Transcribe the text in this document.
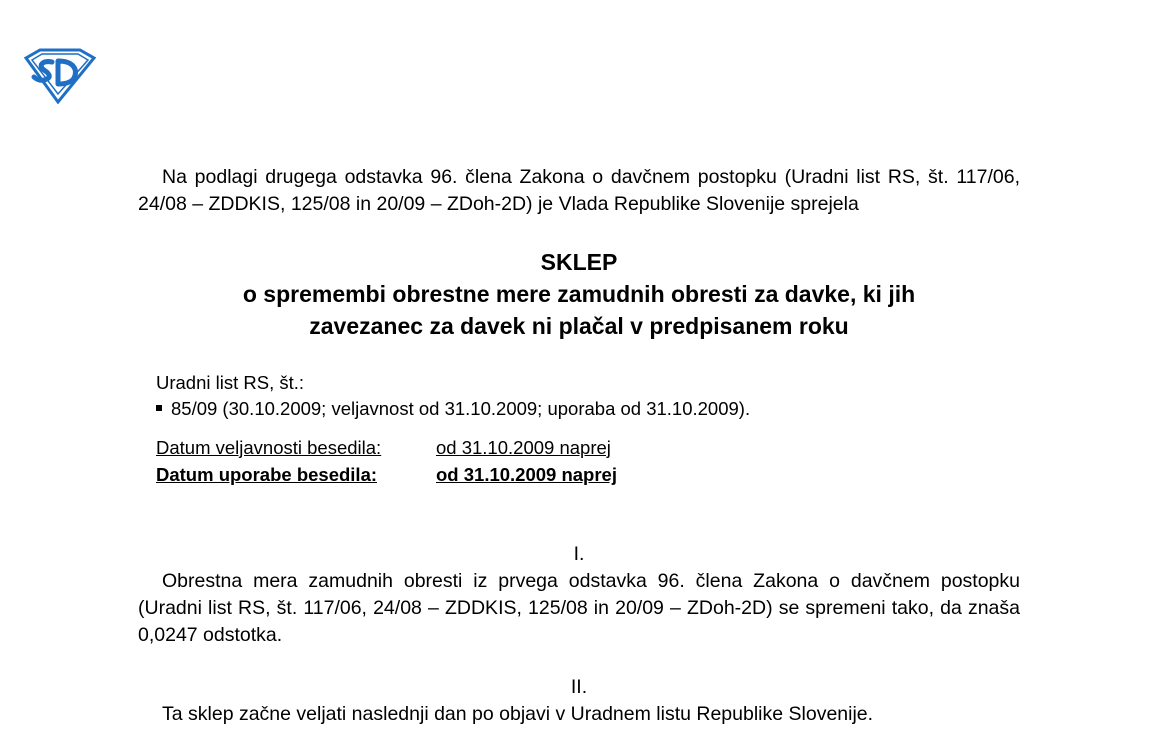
Na podlagi drugega odstavka 96. člena Zakona o davčnem postopku (Uradni list RS, št. 117/06, 24/08 – ZDDKIS, 125/08 in 20/09 – ZDoh-2D) je Vlada Republike Slovenije sprejela

SKLEP
o spremembi obrestne mere zamudnih obresti za davke, ki jih
zavezanec za davek ni plačal v predpisanem roku
Uradni list RS, št.:
85/09 (30.10.2009; veljavnost od 31.10.2009; uporaba od 31.10.2009).
Datum veljavnosti besedila:	od 31.10.2009 naprej
Datum uporabe besedila:	od 31.10.2009 naprej
I.

Obrestna mera zamudnih obresti iz prvega odstavka 96. člena Zakona o davčnem postopku (Uradni list RS, št. 117/06, 24/08 – ZDDKIS, 125/08 in 20/09 – ZDoh-2D) se spremeni tako, da znaša 0,0247 odstotka.

II.

Ta sklep začne veljati naslednji dan po objavi v Uradnem listu Republike Slovenije.
